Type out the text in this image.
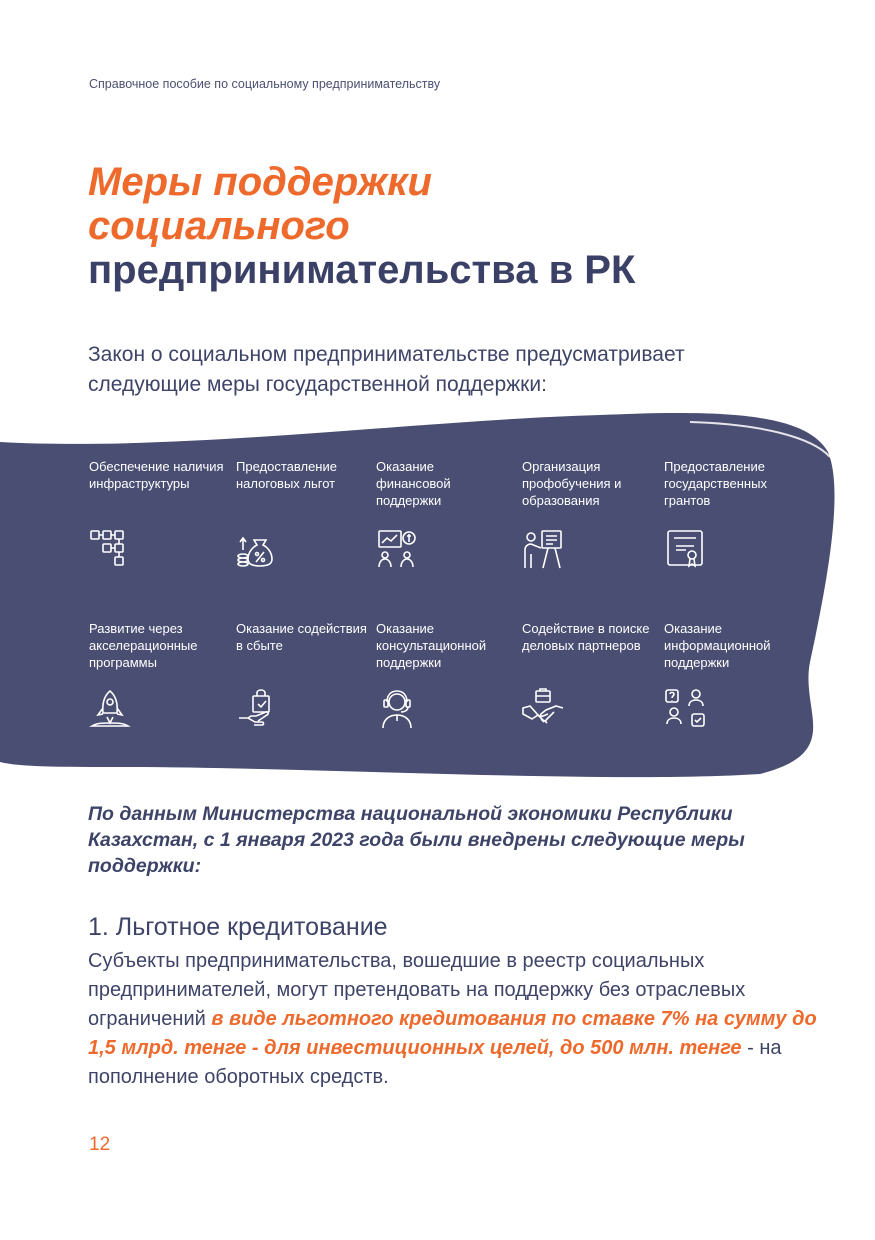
Справочное пособие по социальному предпринимательству
Меры поддержки
социального
предпринимательства в РК
Закон о социальном предпринимательстве предусматривает следующие меры государственной поддержки:
Обеспечение наличия инфраструктуры
Предоставление налоговых льгот
Оказание финансовой поддержки
Организация профобучения и образования
Предоставление государственных грантов
Развитие через акселерационные программы
Оказание содействия в сбыте
Оказание консультационной поддержки
Содействие в поиске деловых партнеров
Оказание информационной поддержки
По данным Министерства национальной экономики Республики Казахстан, с 1 января 2023 года были внедрены следующие меры поддержки:
1. Льготное кредитование
Субъекты предпринимательства, вошедшие в реестр социальных предпринимателей, могут претендовать на поддержку без отраслевых ограничений в виде льготного кредитования по ставке 7% на сумму до 1,5 млрд. тенге - для инвестиционных целей, до 500 млн. тенге - на пополнение оборотных средств.
12
